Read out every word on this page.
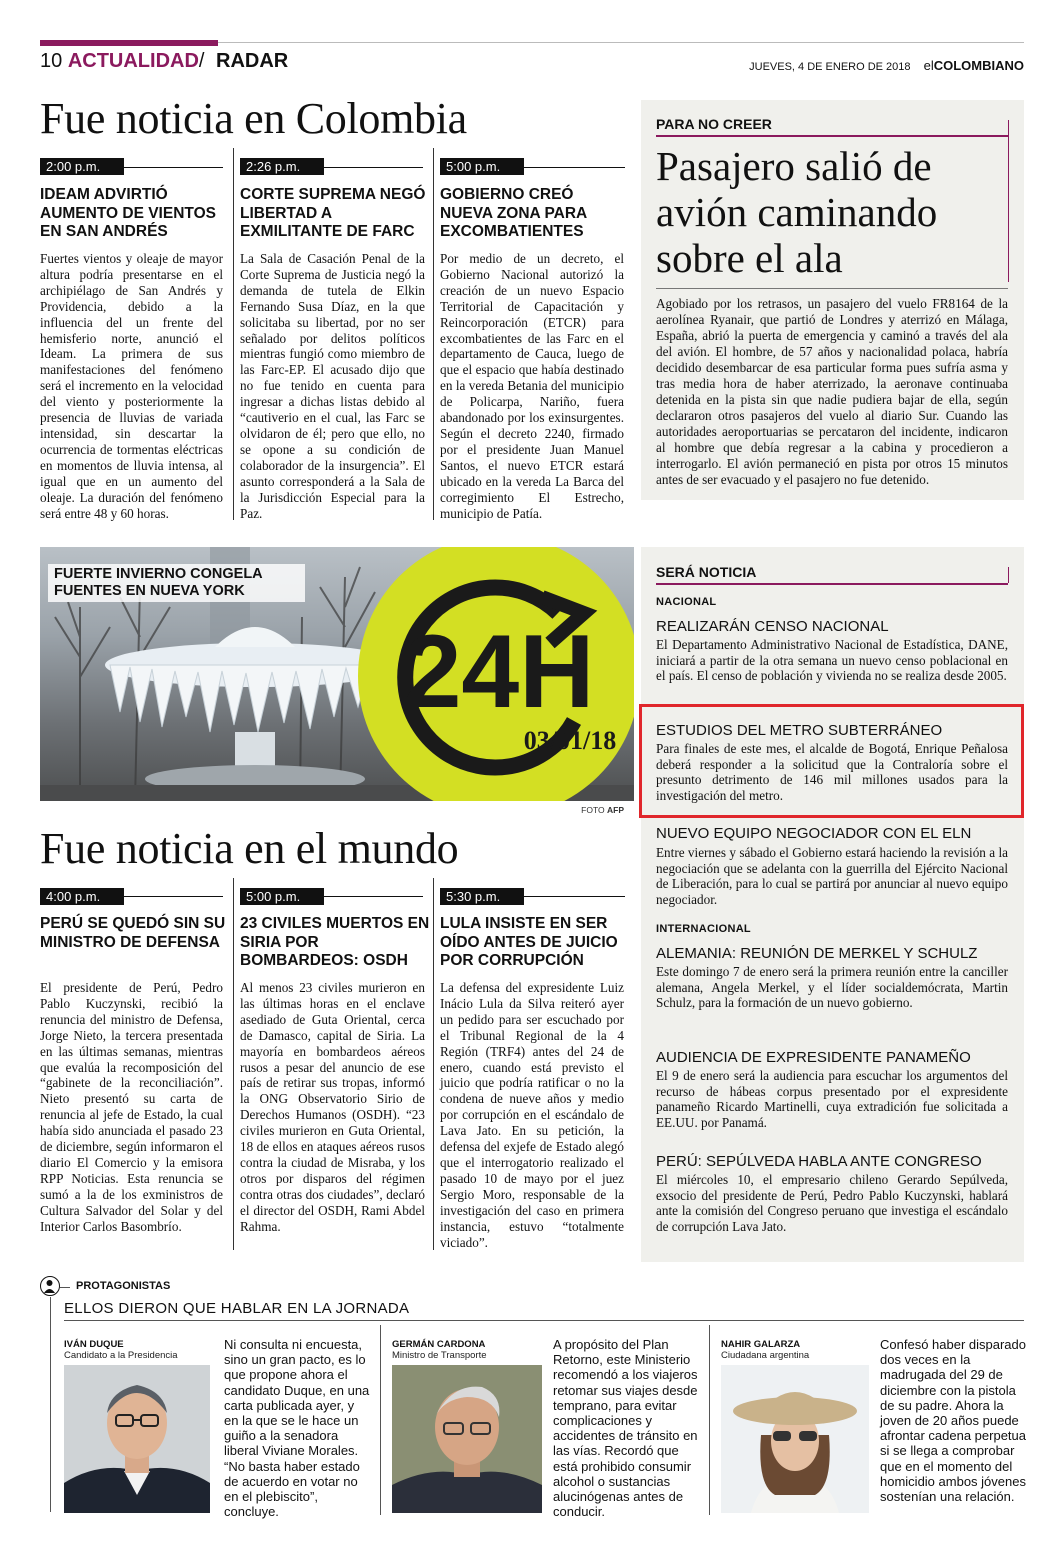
10 ACTUALIDAD/ RADAR	JUEVES, 4 DE ENERO DE 2018 elCOLOMBIANO
Fue noticia en Colombia
2:00 p.m.
IDEAM ADVIRTIÓ AUMENTO DE VIENTOS EN SAN ANDRÉS
Fuertes vientos y oleaje de mayor altura podría presentarse en el archipiélago de San Andrés y Providencia, debido a la influencia del un frente del hemisferio norte, anunció el Ideam. La primera de sus manifestaciones del fenómeno será el incremento en la velocidad del viento y posteriormente la presencia de lluvias de variada intensidad, sin descartar la ocurrencia de tormentas eléctricas en momentos de lluvia intensa, al igual que en un aumento del oleaje. La duración del fenómeno será entre 48 y 60 horas.
2:26 p.m.
CORTE SUPREMA NEGÓ LIBERTAD A EXMILITANTE DE FARC
La Sala de Casación Penal de la Corte Suprema de Justicia negó la demanda de tutela de Elkin Fernando Susa Díaz, en la que solicitaba su libertad, por no ser señalado por delitos políticos mientras fungió como miembro de las Farc-EP. El acusado dijo que no fue tenido en cuenta para ingresar a dichas listas debido al “cautiverio en el cual, las Farc se olvidaron de él; pero que ello, no se opone a su condición de colaborador de la insurgencia”. El asunto corresponderá a la Sala de la Jurisdicción Especial para la Paz.
5:00 p.m.
GOBIERNO CREÓ NUEVA ZONA PARA EXCOMBATIENTES
Por medio de un decreto, el Gobierno Nacional autorizó la creación de un nuevo Espacio Territorial de Capacitación y Reincorporación (ETCR) para excombatientes de las Farc en el departamento de Cauca, luego de que el espacio que había destinado en la vereda Betania del municipio de Policarpa, Nariño, fuera abandonado por los exinsurgentes. Según el decreto 2240, firmado por el presidente Juan Manuel Santos, el nuevo ETCR estará ubicado en la vereda La Barca del corregimiento El Estrecho, municipio de Patía.
PARA NO CREER
Pasajero salió de avión caminando sobre el ala
Agobiado por los retrasos, un pasajero del vuelo FR8164 de la aerolínea Ryanair, que partió de Londres y aterrizó en Málaga, España, abrió la puerta de emergencia y caminó a través del ala del avión. El hombre, de 57 años y nacionalidad polaca, habría decidido desembarcar de esa particular forma pues sufría asma y tras media hora de haber aterrizado, la aeronave continuaba detenida en la pista sin que nadie pudiera bajar de ella, según declararon otros pasajeros del vuelo al diario Sur. Cuando las autoridades aeroportuarias se percataron del incidente, indicaron al hombre que debía regresar a la cabina y procedieron a interrogarlo. El avión permaneció en pista por otros 15 minutos antes de ser evacuado y el pasajero no fue detenido.
FUERTE INVIERNO CONGELA FUENTES EN NUEVA YORK
24H
03/01/18
FOTO AFP
SERÁ NOTICIA
NACIONAL
REALIZARÁN CENSO NACIONAL
El Departamento Administrativo Nacional de Estadística, DANE, iniciará a partir de la otra semana un nuevo censo poblacional en el país. El censo de población y vivienda no se realiza desde 2005.
ESTUDIOS DEL METRO SUBTERRÁNEO
Para finales de este mes, el alcalde de Bogotá, Enrique Peñalosa deberá responder a la solicitud que la Contraloría sobre el presunto detrimento de 146 mil millones usados para la investigación del metro.
NUEVO EQUIPO NEGOCIADOR CON EL ELN
Entre viernes y sábado el Gobierno estará haciendo la revisión a la negociación que se adelanta con la guerrilla del Ejército Nacional de Liberación, para lo cual se partirá por anunciar al nuevo equipo negociador.
INTERNACIONAL
ALEMANIA: REUNIÓN DE MERKEL Y SCHULZ
Este domingo 7 de enero será la primera reunión entre la canciller alemana, Angela Merkel, y el líder socialdemócrata, Martin Schulz, para la formación de un nuevo gobierno.
AUDIENCIA DE EXPRESIDENTE PANAMEÑO
El 9 de enero será la audiencia para escuchar los argumentos del recurso de hábeas corpus presentado por el expresidente panameño Ricardo Martinelli, cuya extradición fue solicitada a EE.UU. por Panamá.
PERÚ: SEPÚLVEDA HABLA ANTE CONGRESO
El miércoles 10, el empresario chileno Gerardo Sepúlveda, exsocio del presidente de Perú, Pedro Pablo Kuczynski, hablará ante la comisión del Congreso peruano que investiga el escándalo de corrupción Lava Jato.
Fue noticia en el mundo
4:00 p.m.
PERÚ SE QUEDÓ SIN SU MINISTRO DE DEFENSA
El presidente de Perú, Pedro Pablo Kuczynski, recibió la renuncia del ministro de Defensa, Jorge Nieto, la tercera presentada en las últimas semanas, mientras que evalúa la recomposición del “gabinete de la reconciliación”. Nieto presentó su carta de renuncia al jefe de Estado, la cual había sido anunciada el pasado 23 de diciembre, según informaron el diario El Comercio y la emisora RPP Noticias. Esta renuncia se sumó a la de los exministros de Cultura Salvador del Solar y del Interior Carlos Basombrío.
5:00 p.m.
23 CIVILES MUERTOS EN SIRIA POR BOMBARDEOS: OSDH
Al menos 23 civiles murieron en las últimas horas en el enclave asediado de Guta Oriental, cerca de Damasco, capital de Siria. La mayoría en bombardeos aéreos rusos a pesar del anuncio de ese país de retirar sus tropas, informó la ONG Observatorio Sirio de Derechos Humanos (OSDH). “23 civiles murieron en Guta Oriental, 18 de ellos en ataques aéreos rusos contra la ciudad de Misraba, y los otros por disparos del régimen contra otras dos ciudades”, declaró el director del OSDH, Rami Abdel Rahma.
5:30 p.m.
LULA INSISTE EN SER OÍDO ANTES DE JUICIO POR CORRUPCIÓN
La defensa del expresidente Luiz Inácio Lula da Silva reiteró ayer un pedido para ser escuchado por el Tribunal Regional de la 4 Región (TRF4) antes del 24 de enero, cuando está previsto el juicio que podría ratificar o no la condena de nueve años y medio por corrupción en el escándalo de Lava Jato. En su petición, la defensa del exjefe de Estado alegó que el interrogatorio realizado el pasado 10 de mayo por el juez Sergio Moro, responsable de la investigación del caso en primera instancia, estuvo “totalmente viciado”.
PROTAGONISTAS
ELLOS DIERON QUE HABLAR EN LA JORNADA
IVÁN DUQUE
Candidato a la Presidencia
Ni consulta ni encuesta, sino un gran pacto, es lo que propone ahora el candidato Duque, en una carta publicada ayer, y en la que se le hace un guiño a la senadora liberal Viviane Morales. “No basta haber estado de acuerdo en votar no en el plebiscito”, concluye.
GERMÁN CARDONA
Ministro de Transporte
A propósito del Plan Retorno, este Ministerio recomendó a los viajeros retomar sus viajes desde temprano, para evitar complicaciones y accidentes de tránsito en las vías. Recordó que está prohibido consumir alcohol o sustancias alucinógenas antes de conducir.
NAHIR GALARZA
Ciudadana argentina
Confesó haber disparado dos veces en la madrugada del 29 de diciembre con la pistola de su padre. Ahora la joven de 20 años puede afrontar cadena perpetua si se llega a comprobar que en el momento del homicidio ambos jóvenes sostenían una relación.
